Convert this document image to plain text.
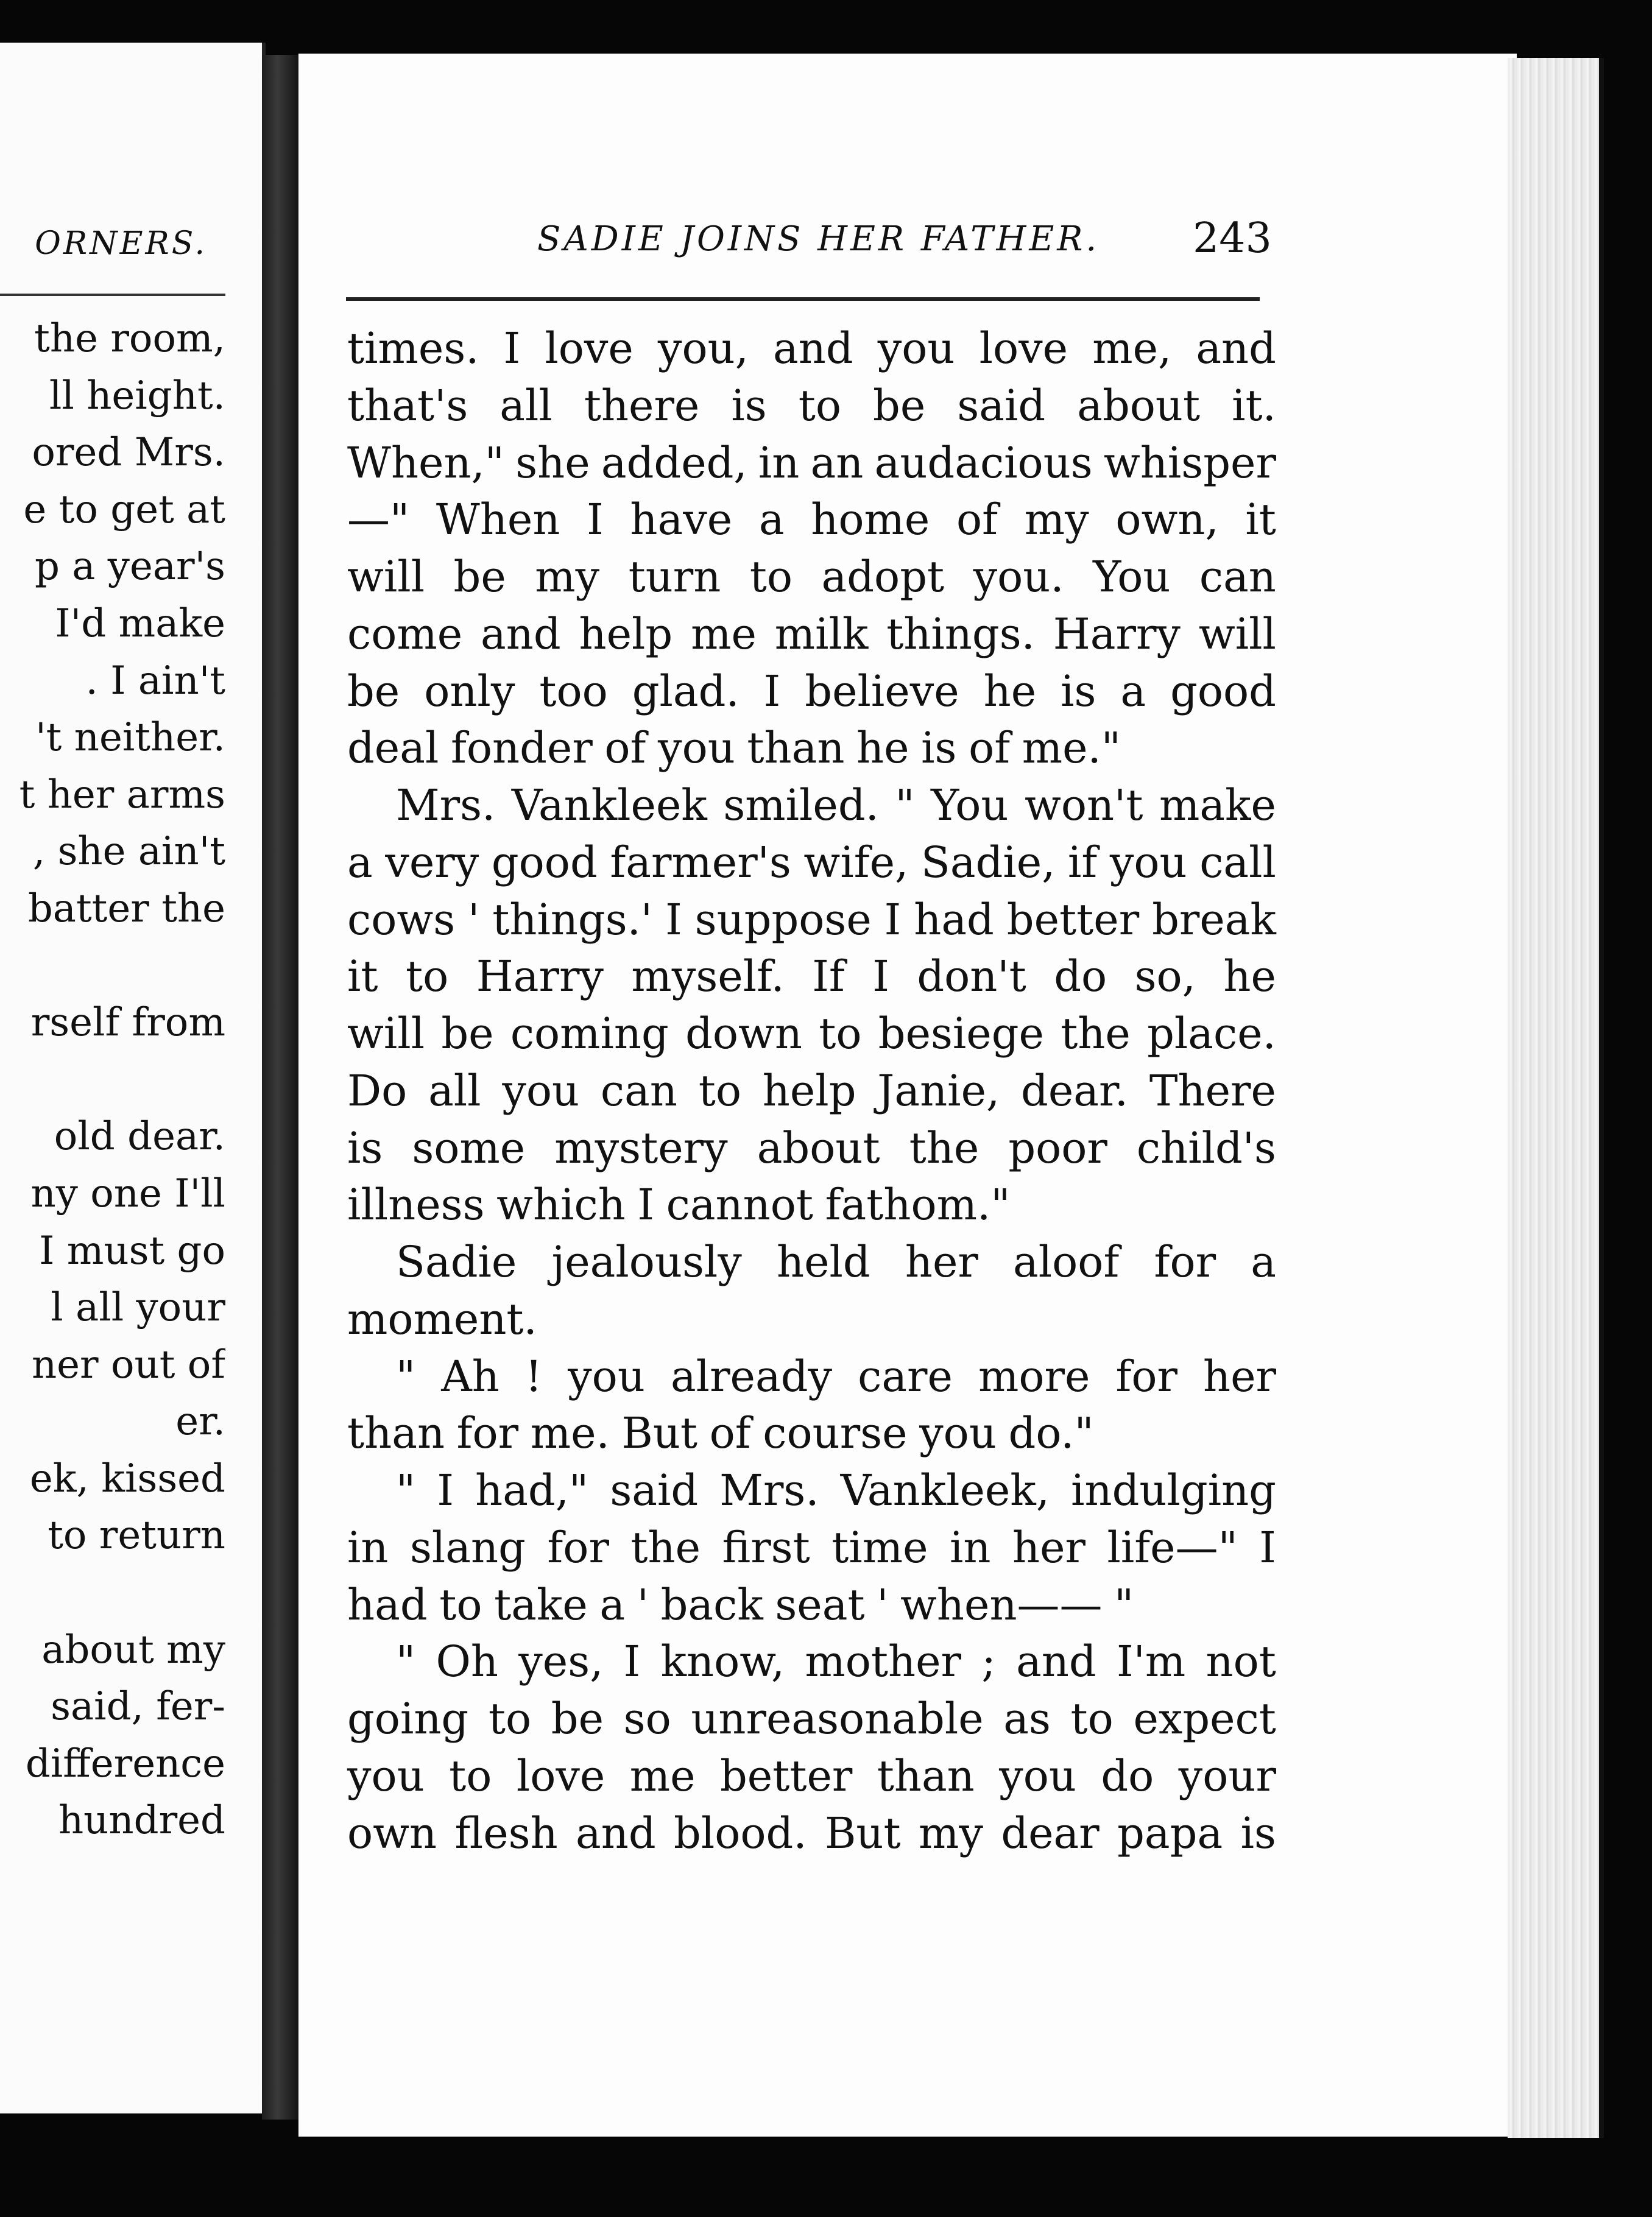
ORNERS.
the room,
ll height.
ored Mrs.
e to get at
p a year's
I'd make
. I ain't
't neither.
t her arms
, she ain't
batter the
rself from
old dear.
ny one I'll
I must go
l all your
ner out of
er.
ek, kissed
to return
about my
said, fer-
difference
hundred
SADIE JOINS HER FATHER. 243
times. I love you, and you love me, and
that's all there is to be said about it.
When," she added, in an audacious whisper
—" When I have a home of my own, it
will be my turn to adopt you. You can
come and help me milk things. Harry will
be only too glad. I believe he is a good
deal fonder of you than he is of me."
Mrs. Vankleek smiled. " You won't make
a very good farmer's wife, Sadie, if you call
cows ' things.' I suppose I had better break
it to Harry myself. If I don't do so, he
will be coming down to besiege the place.
Do all you can to help Janie, dear. There
is some mystery about the poor child's
illness which I cannot fathom."
Sadie jealously held her aloof for a
moment.
" Ah ! you already care more for her
than for me. But of course you do."
" I had," said Mrs. Vankleek, indulging
in slang for the first time in her life—" I
had to take a ' back seat ' when—— "
" Oh yes, I know, mother ; and I'm not
going to be so unreasonable as to expect
you to love me better than you do your
own flesh and blood. But my dear papa is
